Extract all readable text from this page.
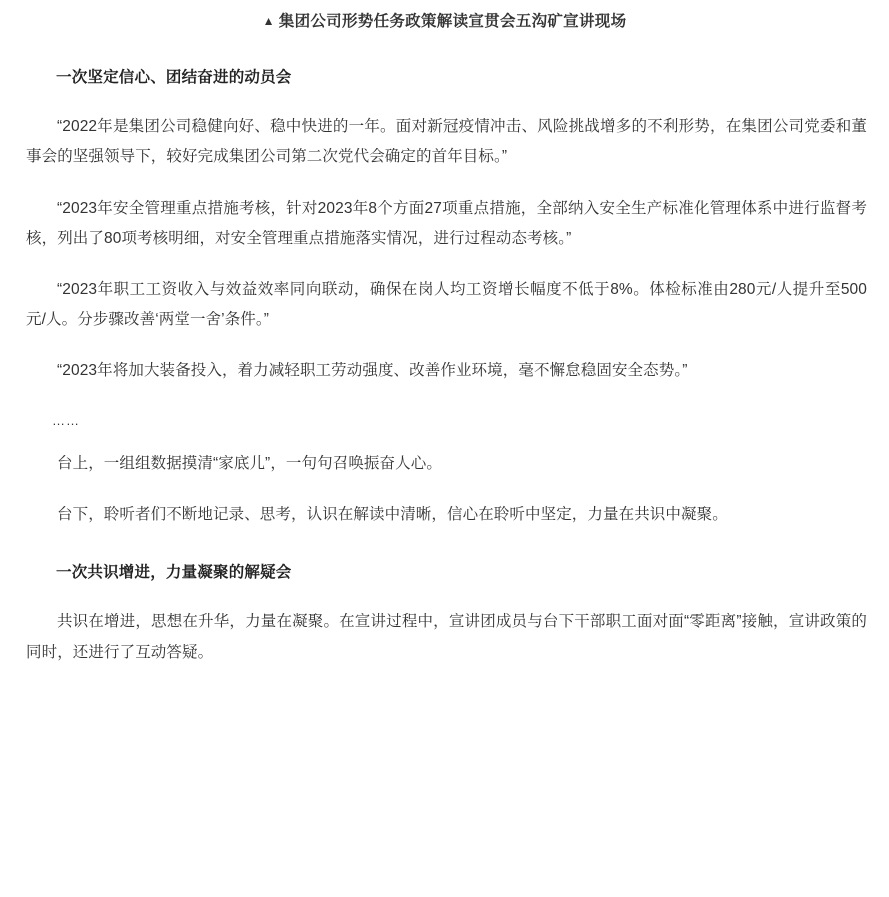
▲ 集团公司形势任务政策解读宣贯会五沟矿宣讲现场
一次坚定信心、团结奋进的动员会

“2022年是集团公司稳健向好、稳中快进的一年。面对新冠疫情冲击、风险挑战增多的不利形势，在集团公司党委和董事会的坚强领导下，较好完成集团公司第二次党代会确定的首年目标。”

“2023年安全管理重点措施考核，针对2023年8个方面27项重点措施，全部纳入安全生产标准化管理体系中进行监督考核，列出了80项考核明细，对安全管理重点措施落实情况，进行过程动态考核。”

“2023年职工工资收入与效益效率同向联动，确保在岗人均工资增长幅度不低于8%。体检标准由280元/人提升至500元/人。分步骤改善‘两堂一舍’条件。”

“2023年将加大装备投入，着力减轻职工劳动强度、改善作业环境，毫不懈怠稳固安全态势。”

……

台上，一组组数据摸清“家底儿”，一句句召唤振奋人心。

台下，聆听者们不断地记录、思考，认识在解读中清晰，信心在聆听中坚定，力量在共识中凝聚。

一次共识增进，力量凝聚的解疑会

共识在增进，思想在升华，力量在凝聚。在宣讲过程中，宣讲团成员与台下干部职工面对面“零距离”接触，宣讲政策的同时，还进行了互动答疑。
